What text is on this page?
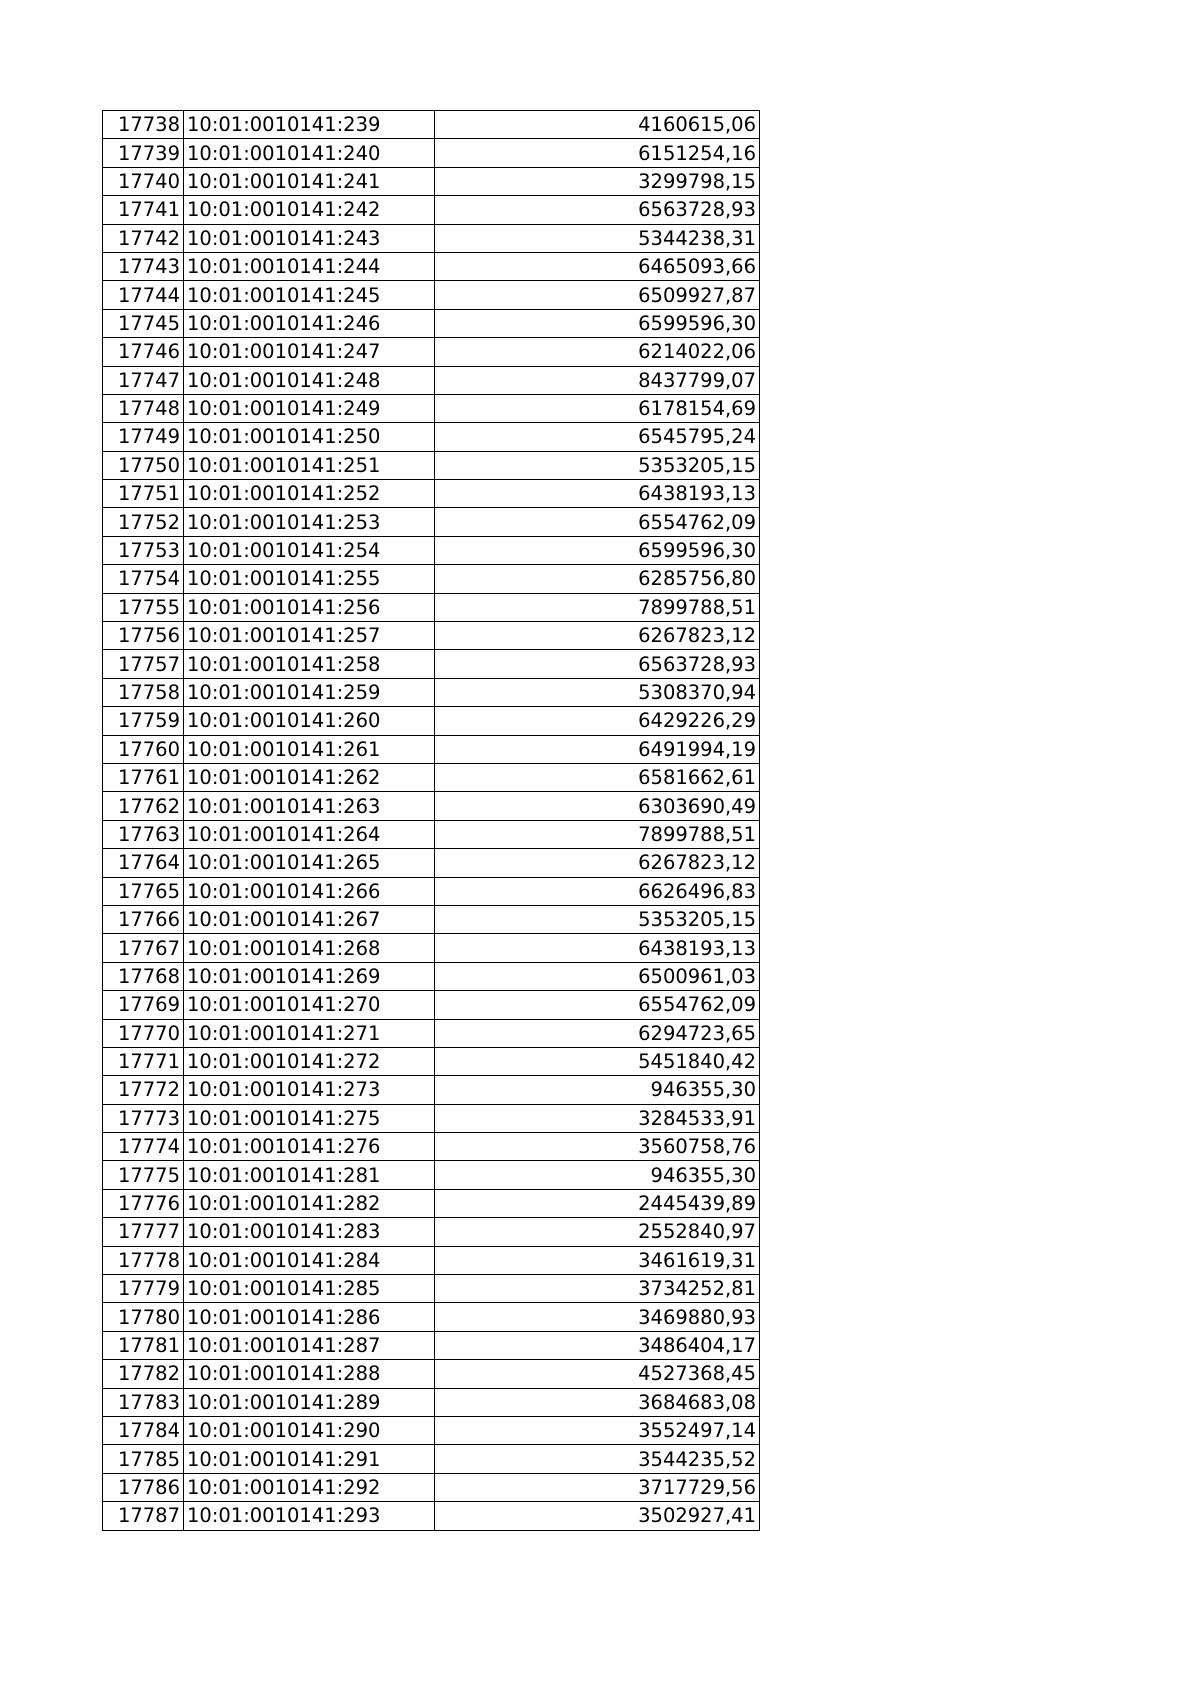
17738	10:01:0010141:239	4160615,06
17739	10:01:0010141:240	6151254,16
17740	10:01:0010141:241	3299798,15
17741	10:01:0010141:242	6563728,93
17742	10:01:0010141:243	5344238,31
17743	10:01:0010141:244	6465093,66
17744	10:01:0010141:245	6509927,87
17745	10:01:0010141:246	6599596,30
17746	10:01:0010141:247	6214022,06
17747	10:01:0010141:248	8437799,07
17748	10:01:0010141:249	6178154,69
17749	10:01:0010141:250	6545795,24
17750	10:01:0010141:251	5353205,15
17751	10:01:0010141:252	6438193,13
17752	10:01:0010141:253	6554762,09
17753	10:01:0010141:254	6599596,30
17754	10:01:0010141:255	6285756,80
17755	10:01:0010141:256	7899788,51
17756	10:01:0010141:257	6267823,12
17757	10:01:0010141:258	6563728,93
17758	10:01:0010141:259	5308370,94
17759	10:01:0010141:260	6429226,29
17760	10:01:0010141:261	6491994,19
17761	10:01:0010141:262	6581662,61
17762	10:01:0010141:263	6303690,49
17763	10:01:0010141:264	7899788,51
17764	10:01:0010141:265	6267823,12
17765	10:01:0010141:266	6626496,83
17766	10:01:0010141:267	5353205,15
17767	10:01:0010141:268	6438193,13
17768	10:01:0010141:269	6500961,03
17769	10:01:0010141:270	6554762,09
17770	10:01:0010141:271	6294723,65
17771	10:01:0010141:272	5451840,42
17772	10:01:0010141:273	946355,30
17773	10:01:0010141:275	3284533,91
17774	10:01:0010141:276	3560758,76
17775	10:01:0010141:281	946355,30
17776	10:01:0010141:282	2445439,89
17777	10:01:0010141:283	2552840,97
17778	10:01:0010141:284	3461619,31
17779	10:01:0010141:285	3734252,81
17780	10:01:0010141:286	3469880,93
17781	10:01:0010141:287	3486404,17
17782	10:01:0010141:288	4527368,45
17783	10:01:0010141:289	3684683,08
17784	10:01:0010141:290	3552497,14
17785	10:01:0010141:291	3544235,52
17786	10:01:0010141:292	3717729,56
17787	10:01:0010141:293	3502927,41
